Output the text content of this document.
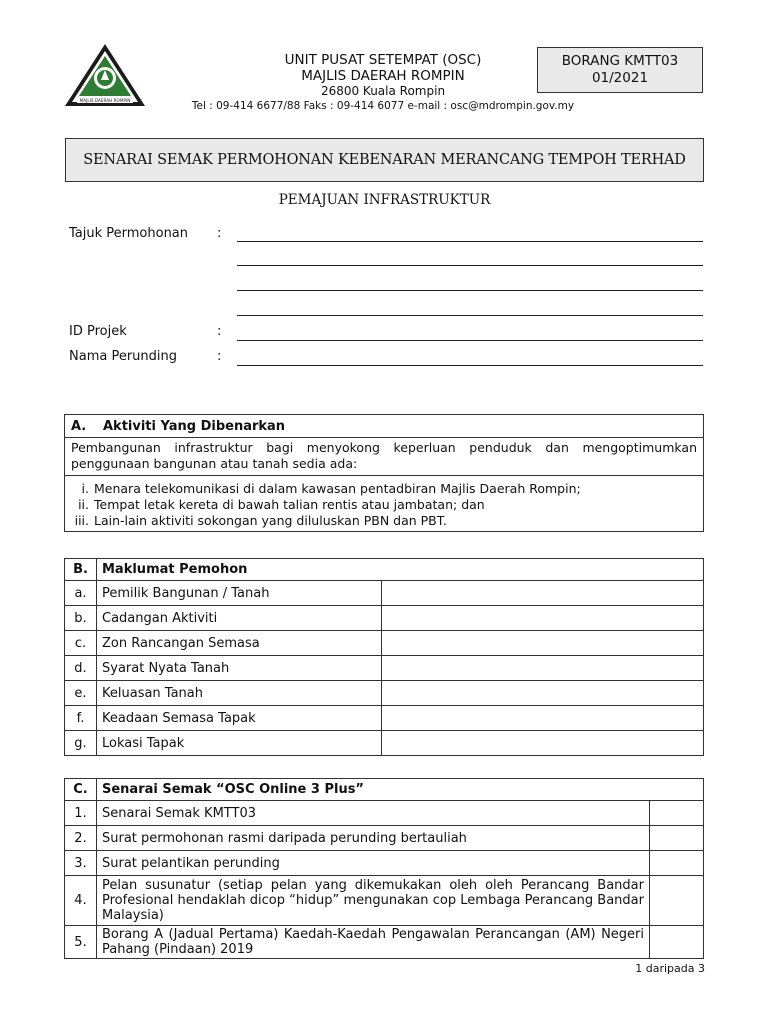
MAJLIS DAERAH ROMPIN
UNIT PUSAT SETEMPAT (OSC)
MAJLIS DAERAH ROMPIN
26800 Kuala Rompin
Tel : 09-414 6677/88 Faks : 09-414 6077 e-mail : osc@mdrompin.gov.my
BORANG KMTT03
01/2021
SENARAI SEMAK PERMOHONAN KEBENARAN MERANCANG TEMPOH TERHAD
PEMAJUAN INFRASTRUKTUR
Tajuk Permohonan :
ID Projek	:
Nama Perunding	:
A.	Aktiviti Yang Dibenarkan
Pembangunan infrastruktur bagi menyokong keperluan penduduk dan mengoptimumkan penggunaan bangunan atau tanah sedia ada:
i. Menara telekomunikasi di dalam kawasan pentadbiran Majlis Daerah Rompin;
ii. Tempat letak kereta di bawah talian rentis atau jambatan; dan
iii. Lain-lain aktiviti sokongan yang diluluskan PBN dan PBT.
B.	Maklumat Pemohon	
a.	Pemilik Bangunan / Tanah	
b.	Cadangan Aktiviti	
c.	Zon Rancangan Semasa	
d.	Syarat Nyata Tanah	
e.	Keluasan Tanah	
f.	Keadaan Semasa Tapak	
g.	Lokasi Tapak	
C.	Senarai Semak “OSC Online 3 Plus”	
1.	Senarai Semak KMTT03	
2.	Surat permohonan rasmi daripada perunding bertauliah	
3.	Surat pelantikan perunding	
4.	Pelan susunatur (setiap pelan yang dikemukakan oleh oleh Perancang Bandar Profesional hendaklah dicop “hidup” mengunakan cop Lembaga Perancang Bandar Malaysia)	
5.	Borang A (Jadual Pertama) Kaedah-Kaedah Pengawalan Perancangan (AM) Negeri Pahang (Pindaan) 2019	
1 daripada 3
